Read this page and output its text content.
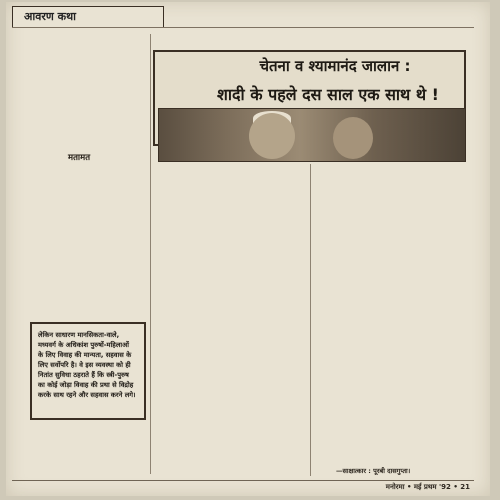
आवरण कथा
मतामत
लेकिन साधारण मानसिकता-वाले, मध्यवर्ग के अधिकांश पुरुषों-महिलाओं के लिए विवाह की मान्यता, सहवास के लिए सर्वोपरि है। वे इस व्यवस्था को ही नितांत सुविधा ठहराते हैं कि स्त्री-पुरुष का कोई जोड़ा विवाह की प्रथा से विद्रोह करके साथ रहने और सहवास करने लगे।
चेतना व श्यामानंद जालान :
शादी के पहले दस साल एक साथ थे !
—साक्षात्कार : पूरबी दासगुप्ता।
मनोरमा • मई प्रथम '92 • 21
